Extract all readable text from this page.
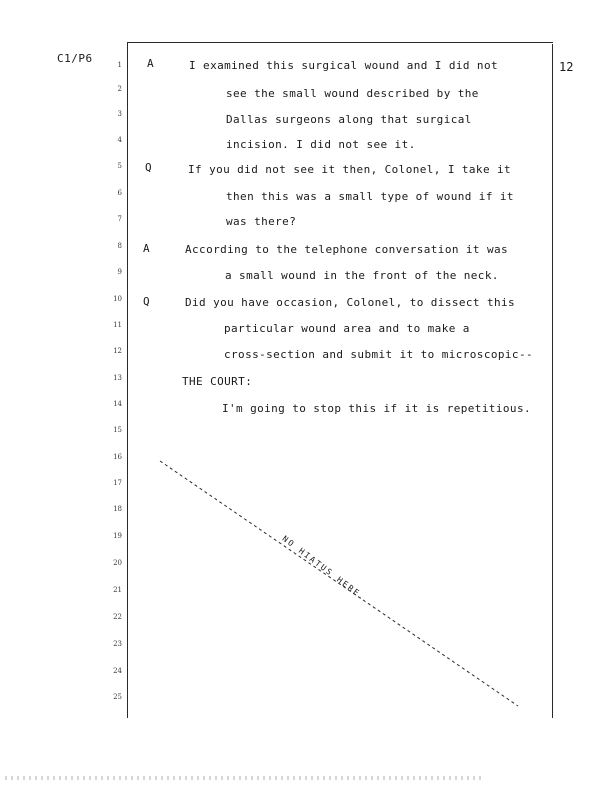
C1/P6
12
1
2
3
4
5
6
7
8
9
10
11
12
13
14
15
16
17
18
19
20
21
22
23
24
25
A
Q
A
Q
I examined this surgical wound and I did not
see the small wound described by the
Dallas surgeons along that surgical
incision. I did not see it.
If you did not see it then, Colonel, I take it
then this was a small type of wound if it
was there?
According to the telephone conversation it was
a small wound in the front of the neck.
Did you have occasion, Colonel, to dissect this
particular wound area and to make a
cross-section and submit it to microscopic--
THE COURT:
I'm going to stop this if it is repetitious.
NO HIATUS HERE.
